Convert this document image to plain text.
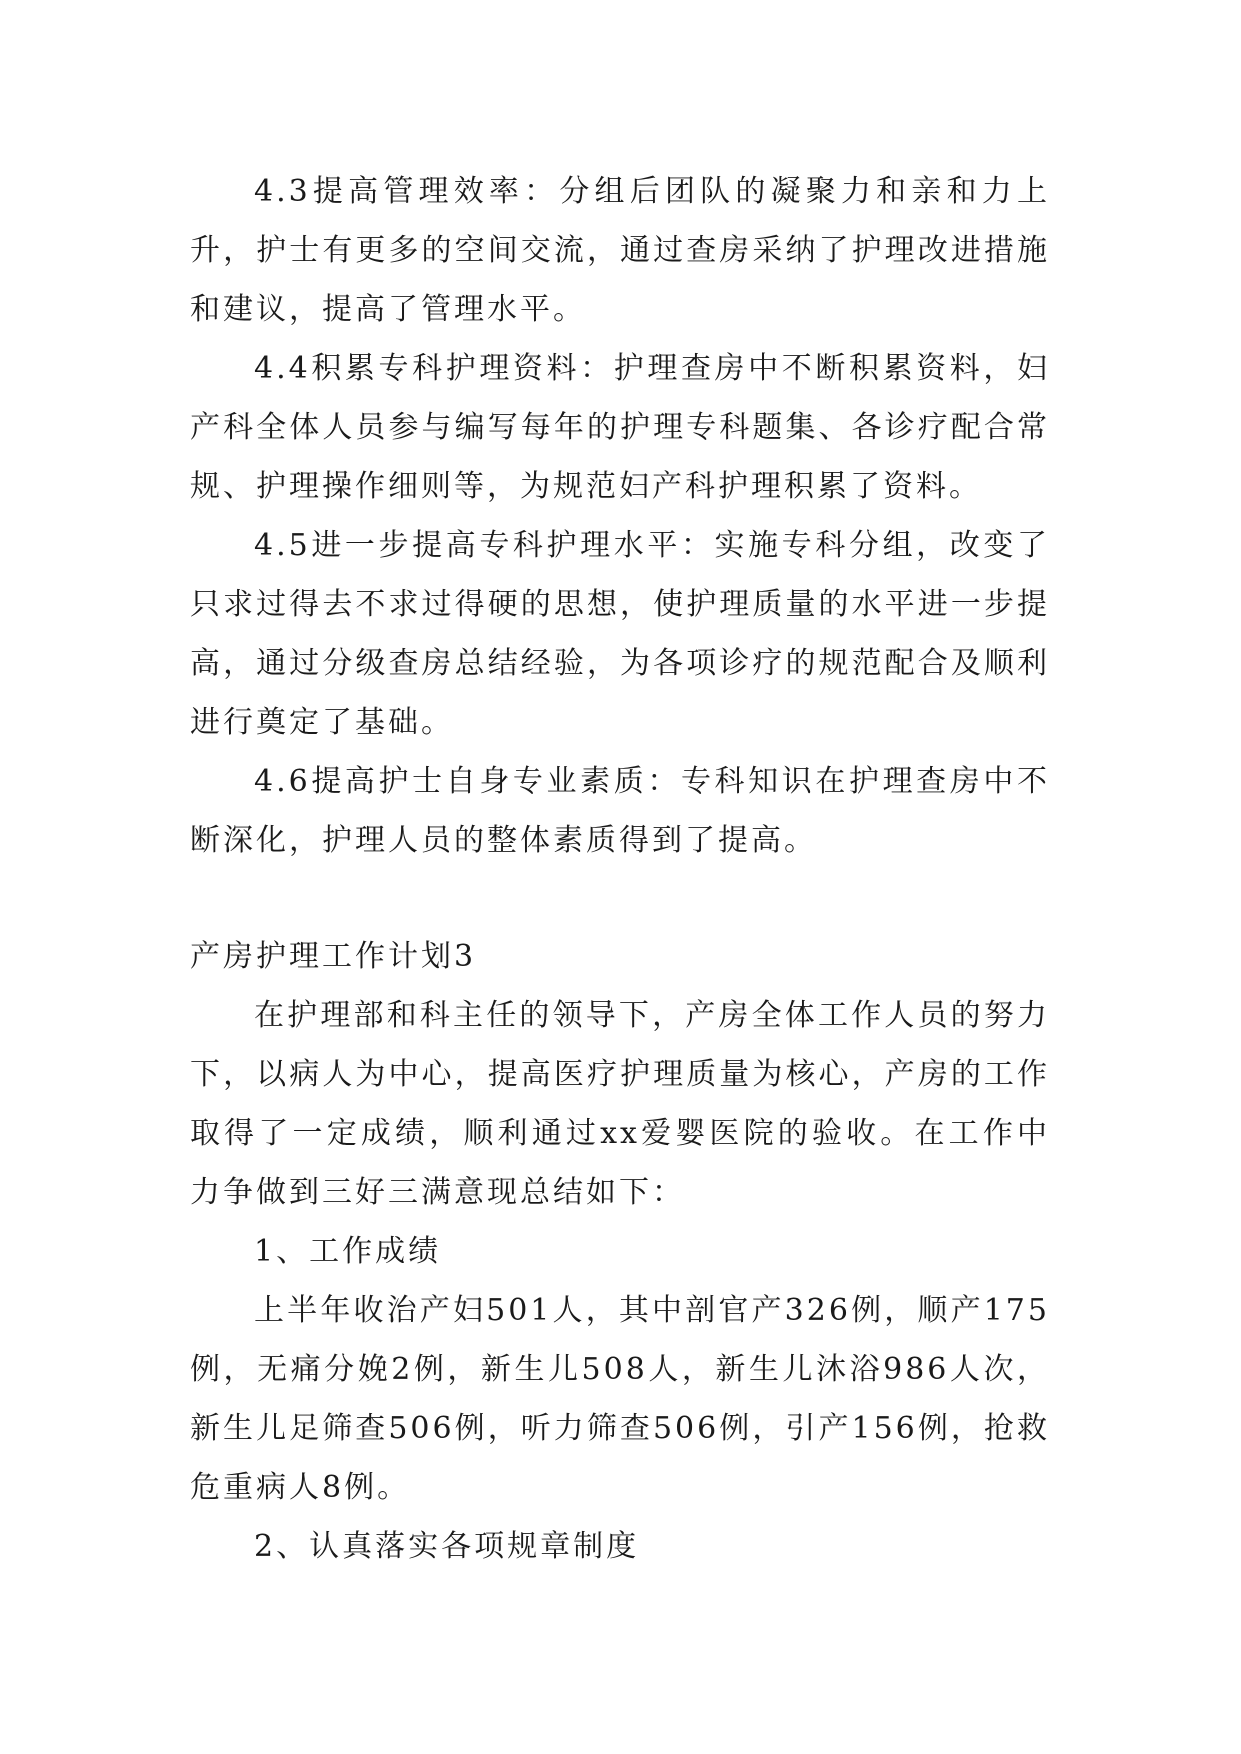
4.3提高管理效率：分组后团队的凝聚力和亲和力上升，护士有更多的空间交流，通过查房采纳了护理改进措施和建议，提高了管理水平。

4.4积累专科护理资料：护理查房中不断积累资料，妇产科全体人员参与编写每年的护理专科题集、各诊疗配合常规、护理操作细则等，为规范妇产科护理积累了资料。

4.5进一步提高专科护理水平：实施专科分组，改变了只求过得去不求过得硬的思想，使护理质量的水平进一步提高，通过分级查房总结经验，为各项诊疗的规范配合及顺利进行奠定了基础。

4.6提高护士自身专业素质：专科知识在护理查房中不断深化，护理人员的整体素质得到了提高。

产房护理工作计划3

在护理部和科主任的领导下，产房全体工作人员的努力下，以病人为中心，提高医疗护理质量为核心，产房的工作取得了一定成绩，顺利通过xx爱婴医院的验收。在工作中力争做到三好三满意现总结如下：

1、工作成绩

上半年收治产妇501人，其中剖官产326例，顺产175例，无痛分娩2例，新生儿508人，新生儿沐浴986人次，新生儿足筛查506例，听力筛查506例，引产156例，抢救危重病人8例。

2、认真落实各项规章制度
